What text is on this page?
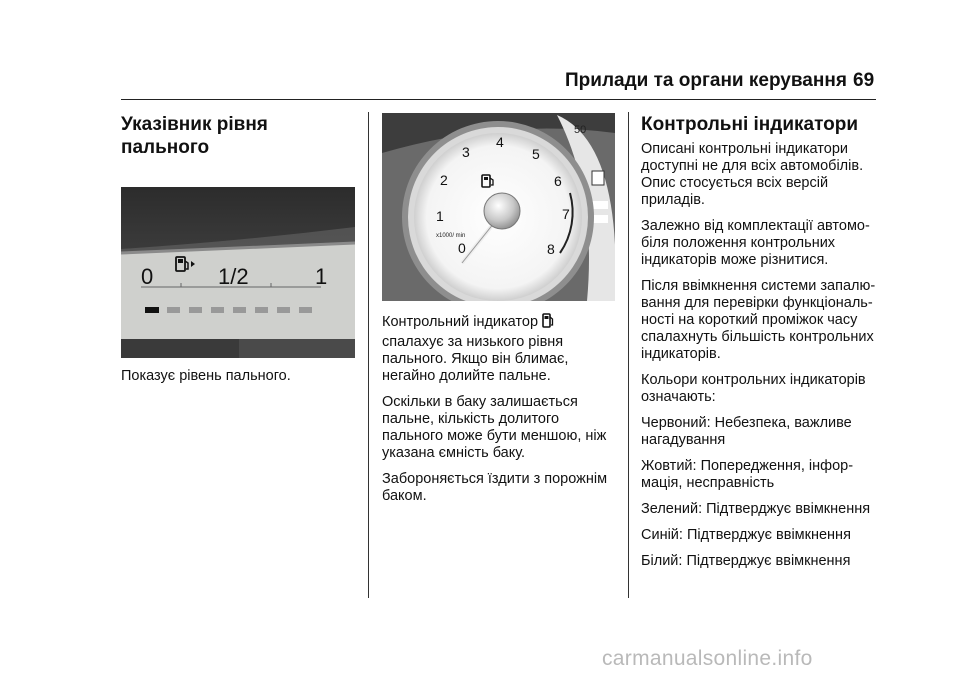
Прилади та органи керування 69
Указівник рівня
пального
0	1/2	1

Показує рівень пального.

50
0
1
2
3
4
5
6
7
8
x1000/ min

Контрольний індикатор
спалахує за низького рівня
пального. Якщо він блимає,
негайно долийте пальне.

Оскільки в баку залишається
пальне, кількість долитого
пального може бути меншою, ніж
указана ємність баку.

Забороняється їздити з порожнім
баком.

Контрольні індикатори

Описані контрольні індикатори
доступні не для всіх автомобілів.
Опис стосується всіх версій
приладів.

Залежно від комплектації автомо-
біля положення контрольних
індикаторів може різнитися.

Після ввімкнення системи запалю-
вання для перевірки функціональ-
ності на короткий проміжок часу
спалахнуть більшість контрольних
індикаторів.

Кольори контрольних індикаторів
означають:

Червоний: Небезпека, важливе
нагадування

Жовтий: Попередження, інфор-
мація, несправність

Зелений: Підтверджує ввімкнення

Синій: Підтверджує ввімкнення

Білий: Підтверджує ввімкнення

carmanualsonline.info
